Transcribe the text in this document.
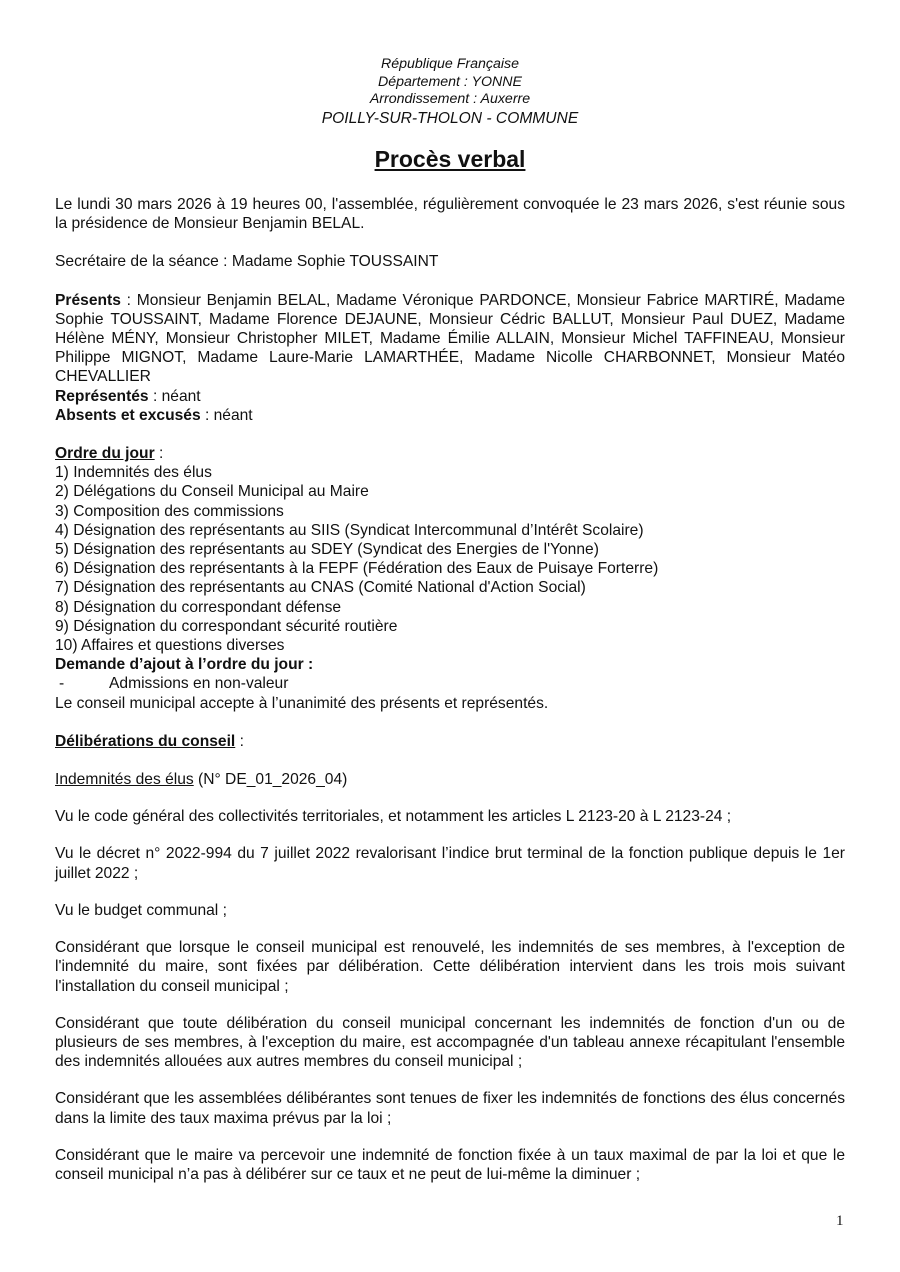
République Française
Département : YONNE
Arrondissement : Auxerre
POILLY-SUR-THOLON - COMMUNE
Procès verbal

Le lundi 30 mars 2026 à 19 heures 00, l'assemblée, régulièrement convoquée le 23 mars 2026, s'est réunie sous la présidence de Monsieur Benjamin BELAL.

Secrétaire de la séance : Madame Sophie TOUSSAINT

Présents : Monsieur Benjamin BELAL, Madame Véronique PARDONCE, Monsieur Fabrice MARTIRÉ, Madame Sophie TOUSSAINT, Madame Florence DEJAUNE, Monsieur Cédric BALLUT, Monsieur Paul DUEZ, Madame Hélène MÉNY, Monsieur Christopher MILET, Madame Émilie ALLAIN, Monsieur Michel TAFFINEAU, Monsieur Philippe MIGNOT, Madame Laure-Marie LAMARTHÉE, Madame Nicolle CHARBONNET, Monsieur Matéo CHEVALLIER

Représentés : néant

Absents et excusés : néant

Ordre du jour :

1) Indemnités des élus

2) Délégations du Conseil Municipal au Maire

3) Composition des commissions

4) Désignation des représentants au SIIS (Syndicat Intercommunal d’Intérêt Scolaire)

5) Désignation des représentants au SDEY (Syndicat des Energies de l'Yonne)

6) Désignation des représentants à la FEPF (Fédération des Eaux de Puisaye Forterre)

7) Désignation des représentants au CNAS (Comité National d'Action Social)

8) Désignation du correspondant défense

9) Désignation du correspondant sécurité routière

10) Affaires et questions diverses

Demande d’ajout à l’ordre du jour :

-	Admissions en non-valeur

Le conseil municipal accepte à l’unanimité des présents et représentés.

Délibérations du conseil :

Indemnités des élus (N° DE_01_2026_04)

Vu le code général des collectivités territoriales, et notamment les articles L 2123-20 à L 2123-24 ;

Vu le décret n° 2022-994 du 7 juillet 2022 revalorisant l’indice brut terminal de la fonction publique depuis le 1er juillet 2022 ;

Vu le budget communal ;

Considérant que lorsque le conseil municipal est renouvelé, les indemnités de ses membres, à l'exception de l'indemnité du maire, sont fixées par délibération. Cette délibération intervient dans les trois mois suivant l'installation du conseil municipal ;

Considérant que toute délibération du conseil municipal concernant les indemnités de fonction d'un ou de plusieurs de ses membres, à l'exception du maire, est accompagnée d'un tableau annexe récapitulant l'ensemble des indemnités allouées aux autres membres du conseil municipal ;

Considérant que les assemblées délibérantes sont tenues de fixer les indemnités de fonctions des élus concernés dans la limite des taux maxima prévus par la loi ;

Considérant que le maire va percevoir une indemnité de fonction fixée à un taux maximal de par la loi et que le conseil municipal n’a pas à délibérer sur ce taux et ne peut de lui-même la diminuer ;

1
